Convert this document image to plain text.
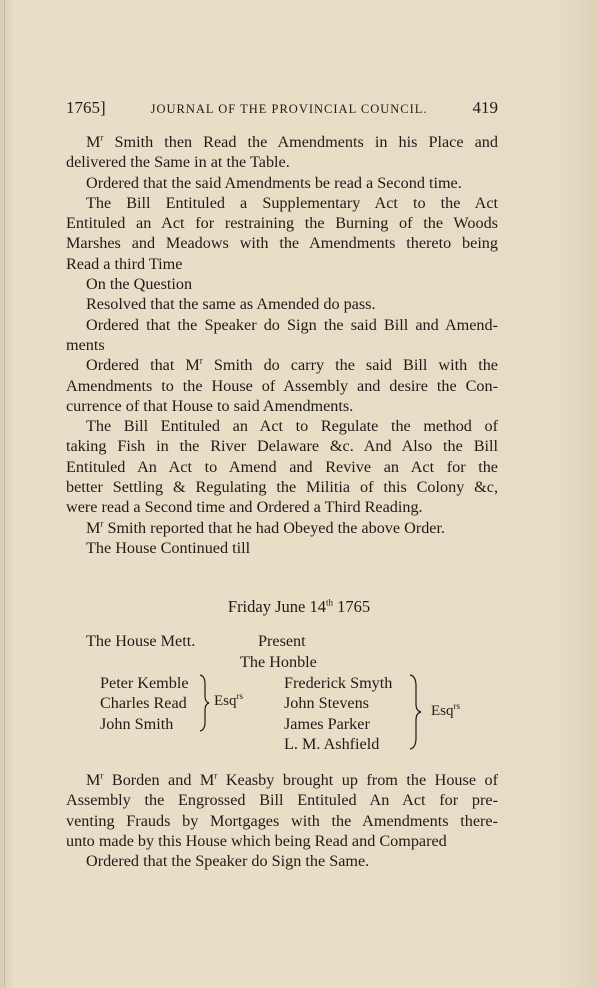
1765]	JOURNAL OF THE PROVINCIAL COUNCIL.	419
$M^r$ Smith then Read the Amendments in his Place and
delivered the Same in at the Table.
Ordered that the said Amendments be read a Second time.
The Bill Entituled a Supplementary Act to the Act
Entituled an Act for restraining the Burning of the Woods
Marshes and Meadows with the Amendments thereto being
Read a third Time
On the Question
Resolved that the same as Amended do pass.
Ordered that the Speaker do Sign the said Bill and Amend-
ments
Ordered that $M^r$ Smith do carry the said Bill with the
Amendments to the House of Assembly and desire the Con-
currence of that House to said Amendments.
The Bill Entituled an Act to Regulate the method of
taking Fish in the River Delaware &c. And Also the Bill
Entituled An Act to Amend and Revive an Act for the
better Settling & Regulating the Militia of this Colony &c,
were read a Second time and Ordered a Third Reading.
$M^r$ Smith reported that he had Obeyed the above Order.
The House Continued till
Friday June 14th 1765
The House Mett.	Present
The Honble
Peter Kemble
Charles Read
John Smith
Esq$^{rs}$
Frederick Smyth
John Stevens
James Parker
L. M. Ashfield
Esq$^{rs}$
$M^r$ Borden and $M^r$ Keasby brought up from the House of
Assembly the Engrossed Bill Entituled An Act for pre-
venting Frauds by Mortgages with the Amendments there-
unto made by this House which being Read and Compared
Ordered that the Speaker do Sign the Same.
